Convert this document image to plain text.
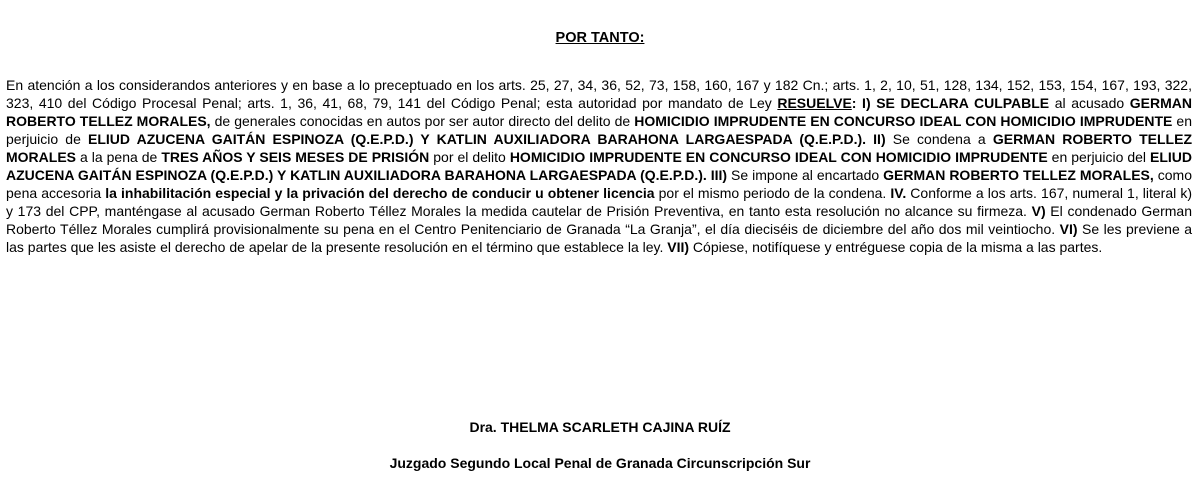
POR TANTO:

En atención a los considerandos anteriores y en base a lo preceptuado en los arts. 25, 27, 34, 36, 52, 73, 158, 160, 167 y 182 Cn.; arts. 1, 2, 10, 51, 128, 134, 152, 153, 154, 167, 193, 322, 323, 410 del Código Procesal Penal; arts. 1, 36, 41, 68, 79, 141 del Código Penal; esta autoridad por mandato de Ley RESUELVE: I) SE DECLARA CULPABLE al acusado GERMAN ROBERTO TELLEZ MORALES, de generales conocidas en autos por ser autor directo del delito de HOMICIDIO IMPRUDENTE EN CONCURSO IDEAL CON HOMICIDIO IMPRUDENTE en perjuicio de ELIUD AZUCENA GAITÁN ESPINOZA (Q.E.P.D.) Y KATLIN AUXILIADORA BARAHONA LARGAESPADA (Q.E.P.D.). II) Se condena a GERMAN ROBERTO TELLEZ MORALES a la pena de TRES AÑOS Y SEIS MESES DE PRISIÓN por el delito HOMICIDIO IMPRUDENTE EN CONCURSO IDEAL CON HOMICIDIO IMPRUDENTE en perjuicio del ELIUD AZUCENA GAITÁN ESPINOZA (Q.E.P.D.) Y KATLIN AUXILIADORA BARAHONA LARGAESPADA (Q.E.P.D.). III) Se impone al encartado GERMAN ROBERTO TELLEZ MORALES, como pena accesoria la inhabilitación especial y la privación del derecho de conducir u obtener licencia por el mismo periodo de la condena. IV. Conforme a los arts. 167, numeral 1, literal k) y 173 del CPP, manténgase al acusado German Roberto Téllez Morales la medida cautelar de Prisión Preventiva, en tanto esta resolución no alcance su firmeza. V) El condenado German Roberto Téllez Morales cumplirá provisionalmente su pena en el Centro Penitenciario de Granada “La Granja”, el día dieciséis de diciembre del año dos mil veintiocho. VI) Se les previene a las partes que les asiste el derecho de apelar de la presente resolución en el término que establece la ley. VII) Cópiese, notifíquese y entréguese copia de la misma a las partes.

Dra. THELMA SCARLETH CAJINA RUÍZ
Juzgado Segundo Local Penal de Granada Circunscripción Sur
